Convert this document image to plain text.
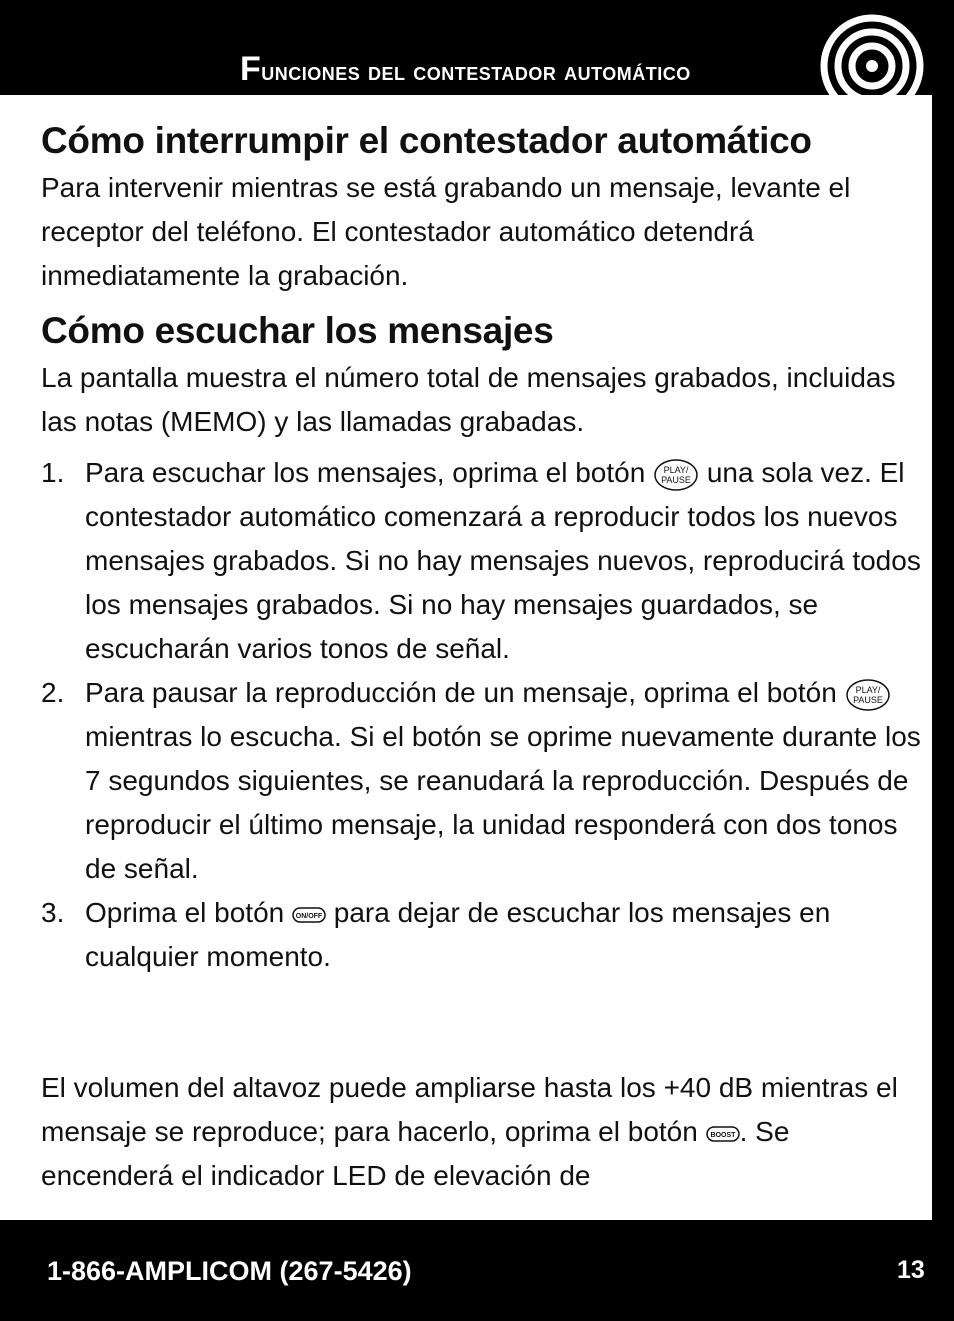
Funciones del contestador automático
Cómo interrumpir el contestador automático

Para intervenir mientras se está grabando un mensaje, levante el receptor del teléfono. El contestador automático detendrá inmediatamente la grabación.

Cómo escuchar los mensajes

La pantalla muestra el número total de mensajes grabados, incluidas las notas (MEMO) y las llamadas grabadas.

1. Para escuchar los mensajes, oprima el botón PLAY/
PAUSE una sola vez. El contestador automático comenzará a reproducir todos los nuevos mensajes grabados. Si no hay mensajes nuevos, reproducirá todos los mensajes grabados. Si no hay mensajes guardados, se escucharán varios tonos de señal.
2. Para pausar la reproducción de un mensaje, oprima el botón PLAY/
PAUSE
mientras lo escucha. Si el botón se oprime nuevamente durante los 7 segundos siguientes, se reanudará la reproducción. Después de reproducir el último mensaje, la unidad responderá con dos tonos de señal.
3. Oprima el botón ON/OFF para dejar de escuchar los mensajes en cualquier momento.

El volumen del altavoz puede ampliarse hasta los +40 dB mientras el mensaje se reproduce; para hacerlo, oprima el botón BOOST . Se encenderá el indicador LED de elevación de

1-866-AMPLICOM (267-5426)	13
